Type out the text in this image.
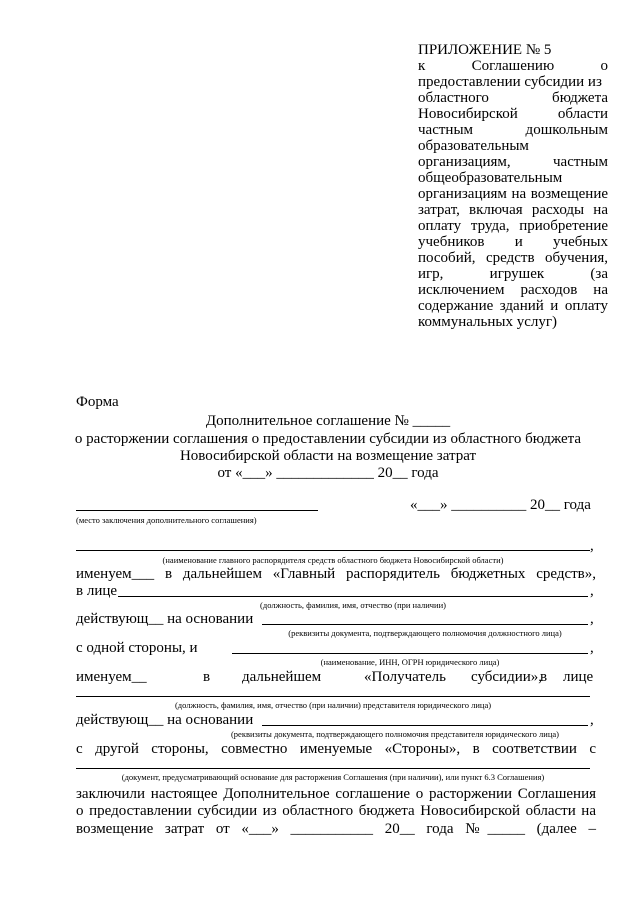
ПРИЛОЖЕНИЕ № 5
к Соглашению о
предоставлении субсидии из
областного бюджета
Новосибирской области
частным дошкольным
образовательным
организациям, частным
общеобразовательным
организациям на возмещение
затрат, включая расходы на
оплату труда, приобретение
учебников и учебных
пособий, средств обучения,
игр, игрушек (за
исключением расходов на
содержание зданий и оплату
коммунальных услуг)
Форма
Дополнительное соглашение № _____
о расторжении соглашения о предоставлении субсидии из областного бюджета
Новосибирской области на возмещение затрат
от «___» _____________ 20__ года
«___» __________ 20__ года
(место заключения дополнительного соглашения)
,
(наименование главного распорядителя средств областного бюджета Новосибирской области)
именуем___ в дальнейшем «Главный распорядитель бюджетных средств»,
в лице	,
(должность, фамилия, имя, отчество (при наличии)
действующ__ на основании	,
(реквизиты документа, подтверждающего полномочия должностного лица)
с одной стороны, и	,
(наименование, ИНН, ОГРН юридического лица)
именуем__	в дальнейшем	«Получатель субсидии»,
в лице
(должность, фамилия, имя, отчество (при наличии) представителя юридического лица)
действующ__ на основании	,
(реквизиты документа, подтверждающего полномочия представителя юридического лица)
с другой стороны, совместно именуемые «Стороны», в соответствии с
(документ, предусматривающий основание для расторжения Соглашения (при наличии), или пункт 6.3 Соглашения)
заключили настоящее Дополнительное соглашение о расторжении Соглашения
о предоставлении субсидии из областного бюджета Новосибирской области на
возмещение затрат от «___» ___________ 20__ года №_____ (далее –
